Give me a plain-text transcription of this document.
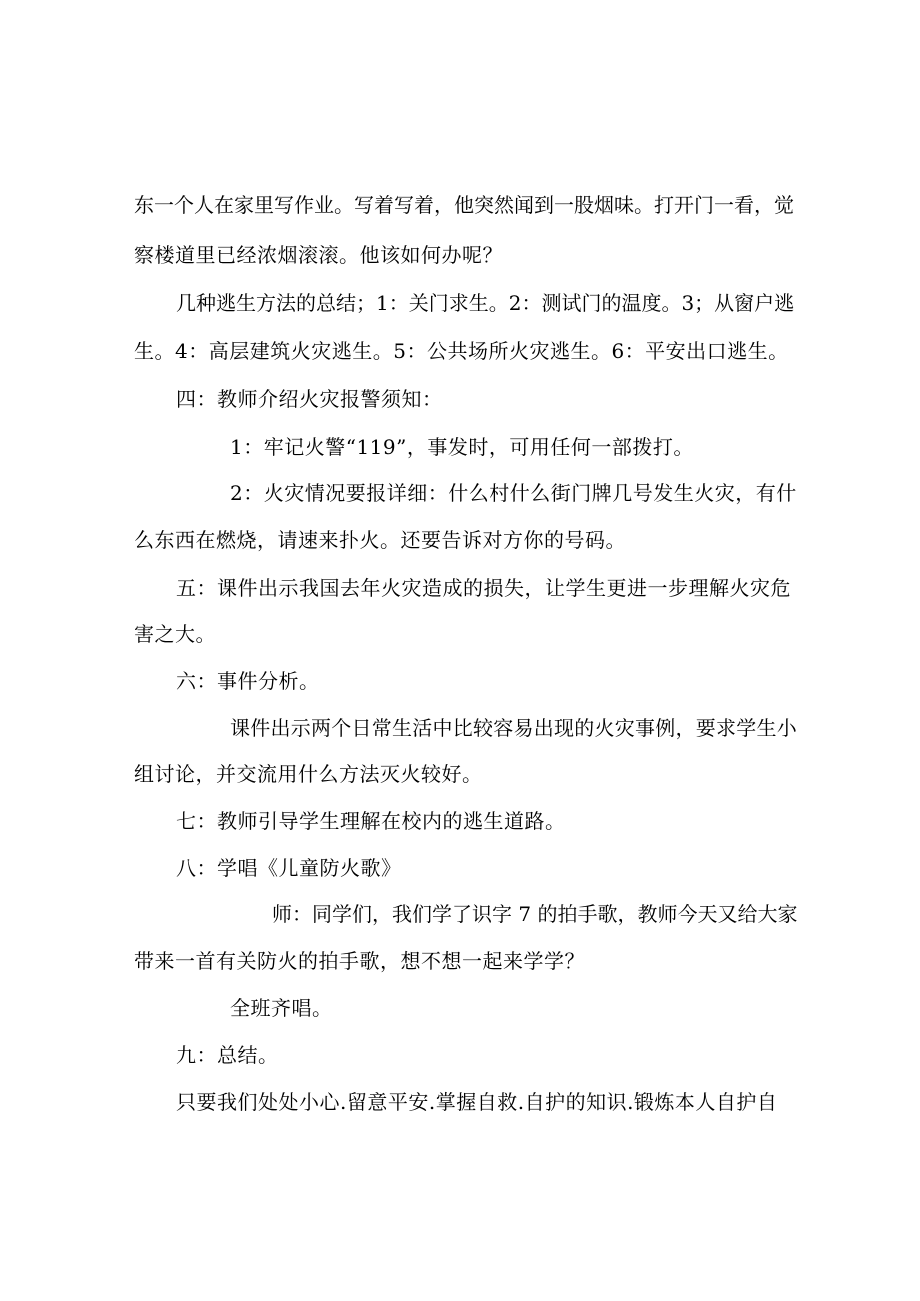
东一个人在家里写作业。写着写着，他突然闻到一股烟味。打开门一看，觉
察楼道里已经浓烟滚滚。他该如何办呢？
几种逃生方法的总结；1：关门求生。2：测试门的温度。3；从窗户逃
生。4：高层建筑火灾逃生。5：公共场所火灾逃生。6：平安出口逃生。
四：教师介绍火灾报警须知：
1：牢记火警“119”，事发时，可用任何一部拨打。
2：火灾情况要报详细：什么村什么街门牌几号发生火灾，有什
么东西在燃烧，请速来扑火。还要告诉对方你的号码。
五：课件出示我国去年火灾造成的损失，让学生更进一步理解火灾危
害之大。
六：事件分析。
课件出示两个日常生活中比较容易出现的火灾事例，要求学生小
组讨论，并交流用什么方法灭火较好。
七：教师引导学生理解在校内的逃生道路。
八：学唱《儿童防火歌》
师：同学们，我们学了识字 7 的拍手歌，教师今天又给大家
带来一首有关防火的拍手歌，想不想一起来学学？
全班齐唱。
九：总结。
只要我们处处小心.留意平安.掌握自救.自护的知识.锻炼本人自护自
